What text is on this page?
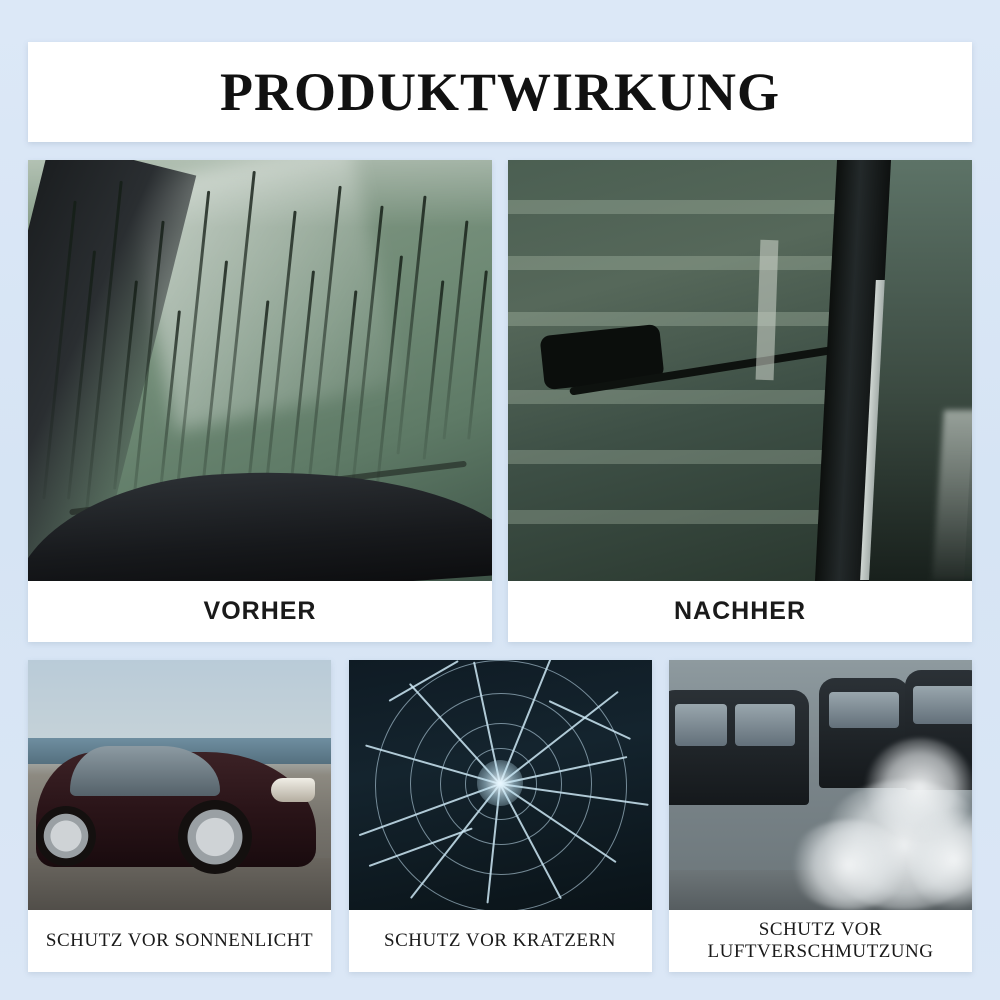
PRODUKTWIRKUNG
VORHER	NACHHER
SCHUTZ VOR SONNENLICHT	SCHUTZ VOR KRATZERN
SCHUTZ VOR LUFTVERSCHMUTZUNG
